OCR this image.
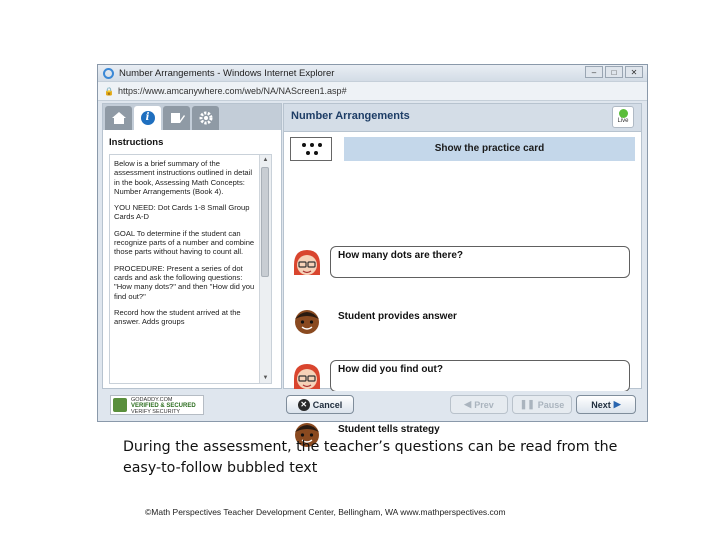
Number Arrangements - Windows Internet Explorer	–	□	✕
🔒 https://www.amcanywhere.com/web/NA/NAScreen1.asp#
i
Instructions

Below is a brief summary of the assessment instructions outlined in detail in the book, Assessing Math Concepts: Number Arrangements (Book 4).

YOU NEED: Dot Cards 1-8 Small Group Cards A-D

GOAL To determine if the student can recognize parts of a number and combine those parts without having to count all.

PROCEDURE: Present a series of dot cards and ask the following questions: "How many dots?" and then "How did you find out?"

Record how the student arrived at the answer. Adds groups

▲
▼
Number Arrangements	Live
Show the practice card
How many dots are there?
Student provides answer
How did you find out?
Student tells strategy
GODADDY.COM
VERIFIED & SECURED
VERIFY SECURITY
✕ Cancel	◀ Prev	❚❚ Pause	Next ▶
During the assessment, the teacher’s questions can be read from the easy-to-follow bubbled text
©Math Perspectives Teacher Development Center, Bellingham, WA www.mathperspectives.com
